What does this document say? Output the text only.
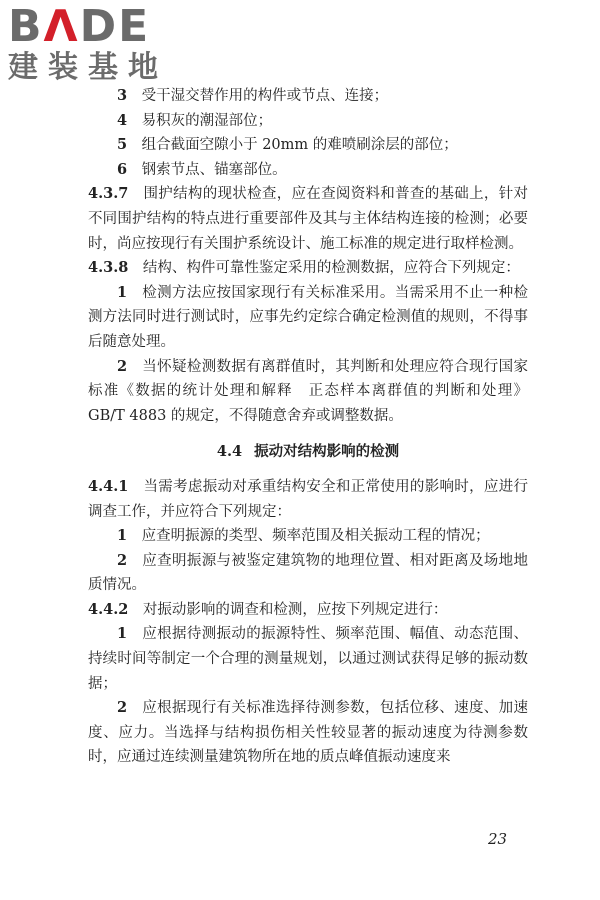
BΛDE
建装基地

3　 受干湿交替作用的构件或节点、连接；

4　 易积灰的潮湿部位；

5　 组合截面空隙小于 20mm 的难喷刷涂层的部位；

6　 钢索节点、锚塞部位。

4.3.7　 围护结构的现状检查，应在查阅资料和普查的基础上，针对不同围护结构的特点进行重要部件及其与主体结构连接的检测；必要时，尚应按现行有关围护系统设计、施工标准的规定进行取样检测。

4.3.8　 结构、构件可靠性鉴定采用的检测数据，应符合下列规定：

1　 检测方法应按国家现行有关标准采用。当需采用不止一种检测方法同时进行测试时，应事先约定综合确定检测值的规则，不得事后随意处理。

2　 当怀疑检测数据有离群值时，其判断和处理应符合现行国家标准《数据的统计处理和解释　正态样本离群值的判断和处理》GB/T 4883 的规定，不得随意舍弃或调整数据。

4.4 振动对结构影响的检测

4.4.1　 当需考虑振动对承重结构安全和正常使用的影响时，应进行调查工作，并应符合下列规定：

1　 应查明振源的类型、频率范围及相关振动工程的情况；

2　 应查明振源与被鉴定建筑物的地理位置、相对距离及场地地质情况。

4.4.2　 对振动影响的调查和检测，应按下列规定进行：

1　 应根据待测振动的振源特性、频率范围、幅值、动态范围、持续时间等制定一个合理的测量规划，以通过测试获得足够的振动数据；

2　 应根据现行有关标准选择待测参数，包括位移、速度、加速度、应力。当选择与结构损伤相关性较显著的振动速度为待测参数时，应通过连续测量建筑物所在地的质点峰值振动速度来

23
